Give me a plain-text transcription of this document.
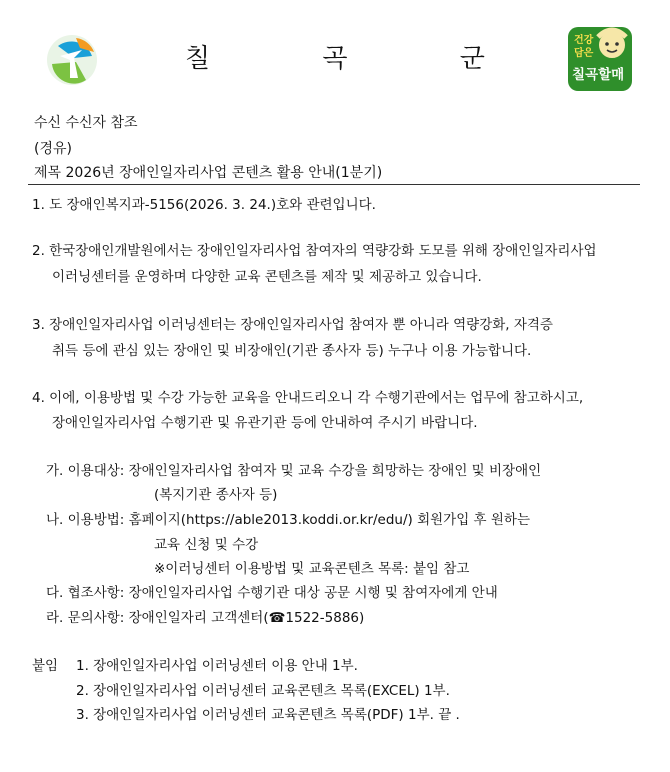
칠 곡 군
건강
담은
칠곡할매
수신 수신자 참조
(경유)
제목 2026년 장애인일자리사업 콘텐츠 활용 안내(1분기)
1. 도 장애인복지과-5156(2026. 3. 24.)호와 관련입니다.
2. 한국장애인개발원에서는 장애인일자리사업 참여자의 역량강화 도모를 위해 장애인일자리사업
이러닝센터를 운영하며 다양한 교육 콘텐츠를 제작 및 제공하고 있습니다.
3. 장애인일자리사업 이러닝센터는 장애인일자리사업 참여자 뿐 아니라 역량강화, 자격증
취득 등에 관심 있는 장애인 및 비장애인(기관 종사자 등) 누구나 이용 가능합니다.
4. 이에, 이용방법 및 수강 가능한 교육을 안내드리오니 각 수행기관에서는 업무에 참고하시고,
장애인일자리사업 수행기관 및 유관기관 등에 안내하여 주시기 바랍니다.
가. 이용대상: 장애인일자리사업 참여자 및 교육 수강을 희망하는 장애인 및 비장애인
(복지기관 종사자 등)
나. 이용방법: 홈페이지(https://able2013.koddi.or.kr/edu/) 회원가입 후 원하는
교육 신청 및 수강
※이러닝센터 이용방법 및 교육콘텐츠 목록: 붙임 참고
다. 협조사항: 장애인일자리사업 수행기관 대상 공문 시행 및 참여자에게 안내
라. 문의사항: 장애인일자리 고객센터(☎1522-5886)
붙임 1. 장애인일자리사업 이러닝센터 이용 안내 1부.
2. 장애인일자리사업 이러닝센터 교육콘텐츠 목록(EXCEL) 1부.
3. 장애인일자리사업 이러닝센터 교육콘텐츠 목록(PDF) 1부. 끝 .
